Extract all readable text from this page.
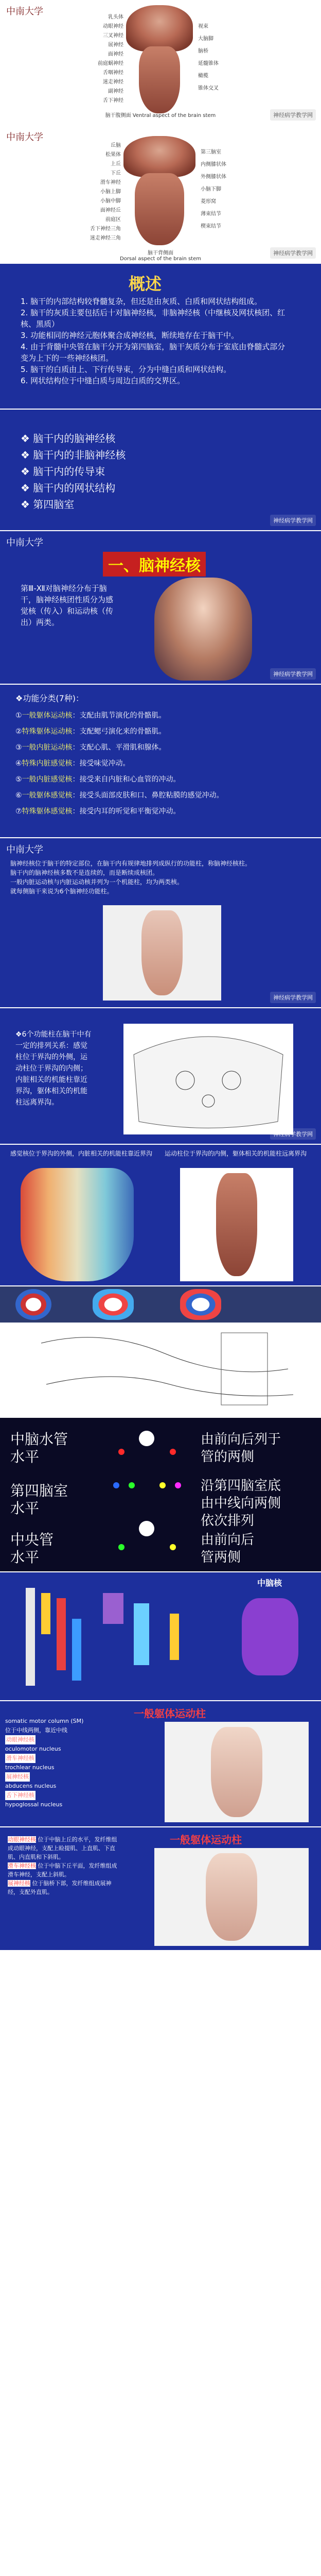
中南大学
乳头体
动眼神经
三叉神经
展神经
面神经
前庭蜗神经
舌咽神经
迷走神经
副神经
舌下神经
视束
大脑脚
脑桥
延髓锥体
橄榄
锥体交叉
脑干腹侧面 Ventral aspect of the brain stem	神经病学教学网
中南大学
丘脑
松果体
上丘
下丘
滑车神经
小脑上脚
小脑中脚
面神经丘
前庭区
舌下神经三角
迷走神经三角
第三脑室
内侧膝状体
外侧膝状体
小脑下脚
菱形窝
薄束结节
楔束结节
脑干背侧面
Dorsal aspect of the brain stem
神经病学教学网
概述
1. 脑干的内部结构较脊髓复杂，但还是由灰质、白质和网状结构组成。
2. 脑干的灰质主要包括后十对脑神经核，非脑神经核（中继核及网状核团、红核、黑质）
3. 功能相同的神经元胞体聚合成神经核，断续地存在于脑干中。
4. 由于背髓中央管在脑干分开为第四脑室，脑干灰质分布于室底由脊髓式部分变为上下的一些神经核团。
5. 脑干的白质由上、下行传导束，分为中缝白质和网状结构。
6. 网状结构位于中缝白质与周边白质的交界区。
❖ 脑干内的脑神经核
❖ 脑干内的非脑神经核
❖ 脑干内的传导束
❖ 脑干内的网状结构
❖ 第四脑室
神经病学教学网
中南大学
一、脑神经核
第Ⅲ-Ⅻ对脑神经分布于脑干，脑神经核团性质分为感觉核（传入）和运动核（传出）两类。
神经病学教学网
❖功能分类(7种)：
①一般躯体运动核：支配由肌节演化的骨骼肌。
②特殊躯体运动核：支配鳃弓演化来的骨骼肌。
③一般内脏运动核：支配心肌、平滑肌和腺体。
④特殊内脏感觉核：接受味觉冲动。
⑤一般内脏感觉核：接受来自内脏和心血管的冲动。
⑥一般躯体感觉核：接受头面部皮肤和口、鼻腔粘膜的感觉冲动。
⑦特殊躯体感觉核：接受内耳的听觉和平衡觉冲动。
中南大学
脑神经核位于脑干的特定部位，在脑干内有规律地排列成纵行的功能柱，称脑神经核柱。
脑干内的脑神经核多数不是连续的，而是断续成核团。
一般内脏运动核与内脏运动核并列为一个机能柱，均为两类核。
就每侧脑干来说为6个脑神经功能柱。
神经病学教学网
❖6个功能柱在脑干中有一定的排列关系：感觉柱位于界沟的外侧，运动柱位于界沟的内侧；内脏相关的机能柱靠近界沟，躯体相关的机能柱远离界沟。
神经病学教学网
感觉核位于界沟的外侧，内脏相关的机能柱靠近界沟	运动柱位于界沟的内侧，躯体相关的机能柱远离界沟
中脑水管
水平
第四脑室
水平
中央管
水平
由前向后列于
管的两侧
沿第四脑室底
由中线向两侧
依次排列
由前向后
管两侧
中脑核
一般躯体运动柱
somatic motor column (SM)
位于中线两侧，靠近中线
动眼神经核
oculomotor nucleus
滑车神经核
trochlear nucleus
展神经核
abducens nucleus
舌下神经核
hypoglossal nucleus
一般躯体运动柱
动眼神经核 位于中脑上丘的水平，发纤维组成动眼神经，支配上睑提肌、上直肌、下直肌、内直肌和下斜肌。
滑车神经核 位于中脑下丘平面，发纤维组成滑车神经，支配上斜肌。
展神经核 位于脑桥下部，发纤维组成展神经，支配外直肌。
